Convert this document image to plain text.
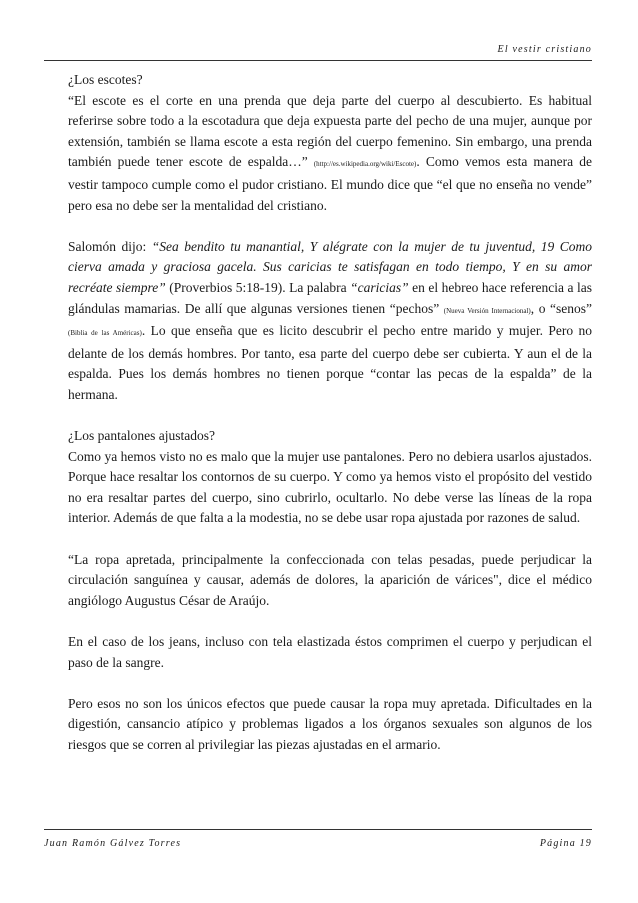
El vestir cristiano

¿Los escotes?

“El escote es el corte en una prenda que deja parte del cuerpo al descubierto. Es habitual referirse sobre todo a la escotadura que deja expuesta parte del pecho de una mujer, aunque por extensión, también se llama escote a esta región del cuerpo femenino. Sin embargo, una prenda también puede tener escote de espalda…” (http://es.wikipedia.org/wiki/Escote). Como vemos esta manera de vestir tampoco cumple como el pudor cristiano. El mundo dice que “el que no enseña no vende” pero esa no debe ser la mentalidad del cristiano.

Salomón dijo: “Sea bendito tu manantial, Y alégrate con la mujer de tu juventud, 19 Como cierva amada y graciosa gacela. Sus caricias te satisfagan en todo tiempo, Y en su amor recréate siempre” (Proverbios 5:18-19). La palabra “caricias” en el hebreo hace referencia a las glándulas mamarias. De allí que algunas versiones tienen “pechos” (Nueva Versión Internacional), o “senos” (Biblia de las Américas). Lo que enseña que es licito descubrir el pecho entre marido y mujer. Pero no delante de los demás hombres. Por tanto, esa parte del cuerpo debe ser cubierta. Y aun el de la espalda. Pues los demás hombres no tienen porque “contar las pecas de la espalda” de la hermana.

¿Los pantalones ajustados?

Como ya hemos visto no es malo que la mujer use pantalones. Pero no debiera usarlos ajustados. Porque hace resaltar los contornos de su cuerpo. Y como ya hemos visto el propósito del vestido no era resaltar partes del cuerpo, sino cubrirlo, ocultarlo. No debe verse las líneas de la ropa interior. Además de que falta a la modestia, no se debe usar ropa ajustada por razones de salud.

“La ropa apretada, principalmente la confeccionada con telas pesadas, puede perjudicar la circulación sanguínea y causar, además de dolores, la aparición de várices", dice el médico angiólogo Augustus César de Araújo.

En el caso de los jeans, incluso con tela elastizada éstos comprimen el cuerpo y perjudican el paso de la sangre.

Pero esos no son los únicos efectos que puede causar la ropa muy apretada. Dificultades en la digestión, cansancio atípico y problemas ligados a los órganos sexuales son algunos de los riesgos que se corren al privilegiar las piezas ajustadas en el armario.

Juan Ramón Gálvez Torres	Página 19
